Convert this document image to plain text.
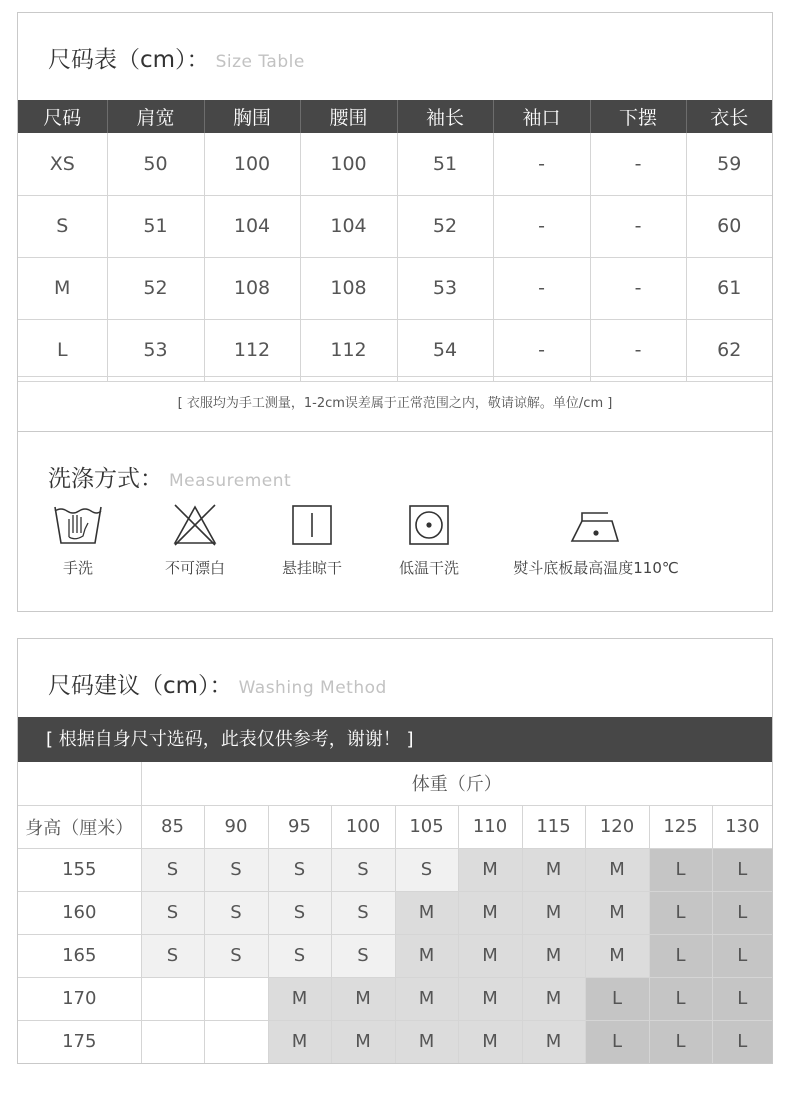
尺码表（cm）： Size Table
尺码	肩宽	胸围	腰围	袖长	袖口	下摆	衣长
XS	50	100	100	51	-	-	59
S	51	104	104	52	-	-	60
M	52	108	108	53	-	-	61
L	53	112	112	54	-	-	62
[ 衣服均为手工测量，1-2cm误差属于正常范围之内，敬请谅解。单位/cm ]
洗涤方式： Measurement
手洗	不可漂白	悬挂晾干	低温干洗	熨斗底板最高温度110℃
尺码建议（cm）： Washing Method
[ 根据自身尺寸选码，此表仅供参考，谢谢！ ]
	体重（斤）									
身高（厘米）	85	90	95	100	105	110	115	120	125	130
155	S	S	S	S	S	M	M	M	L	L
160	S	S	S	S	M	M	M	M	L	L
165	S	S	S	S	M	M	M	M	L	L
170			M	M	M	M	M	L	L	L
175			M	M	M	M	M	L	L	L
